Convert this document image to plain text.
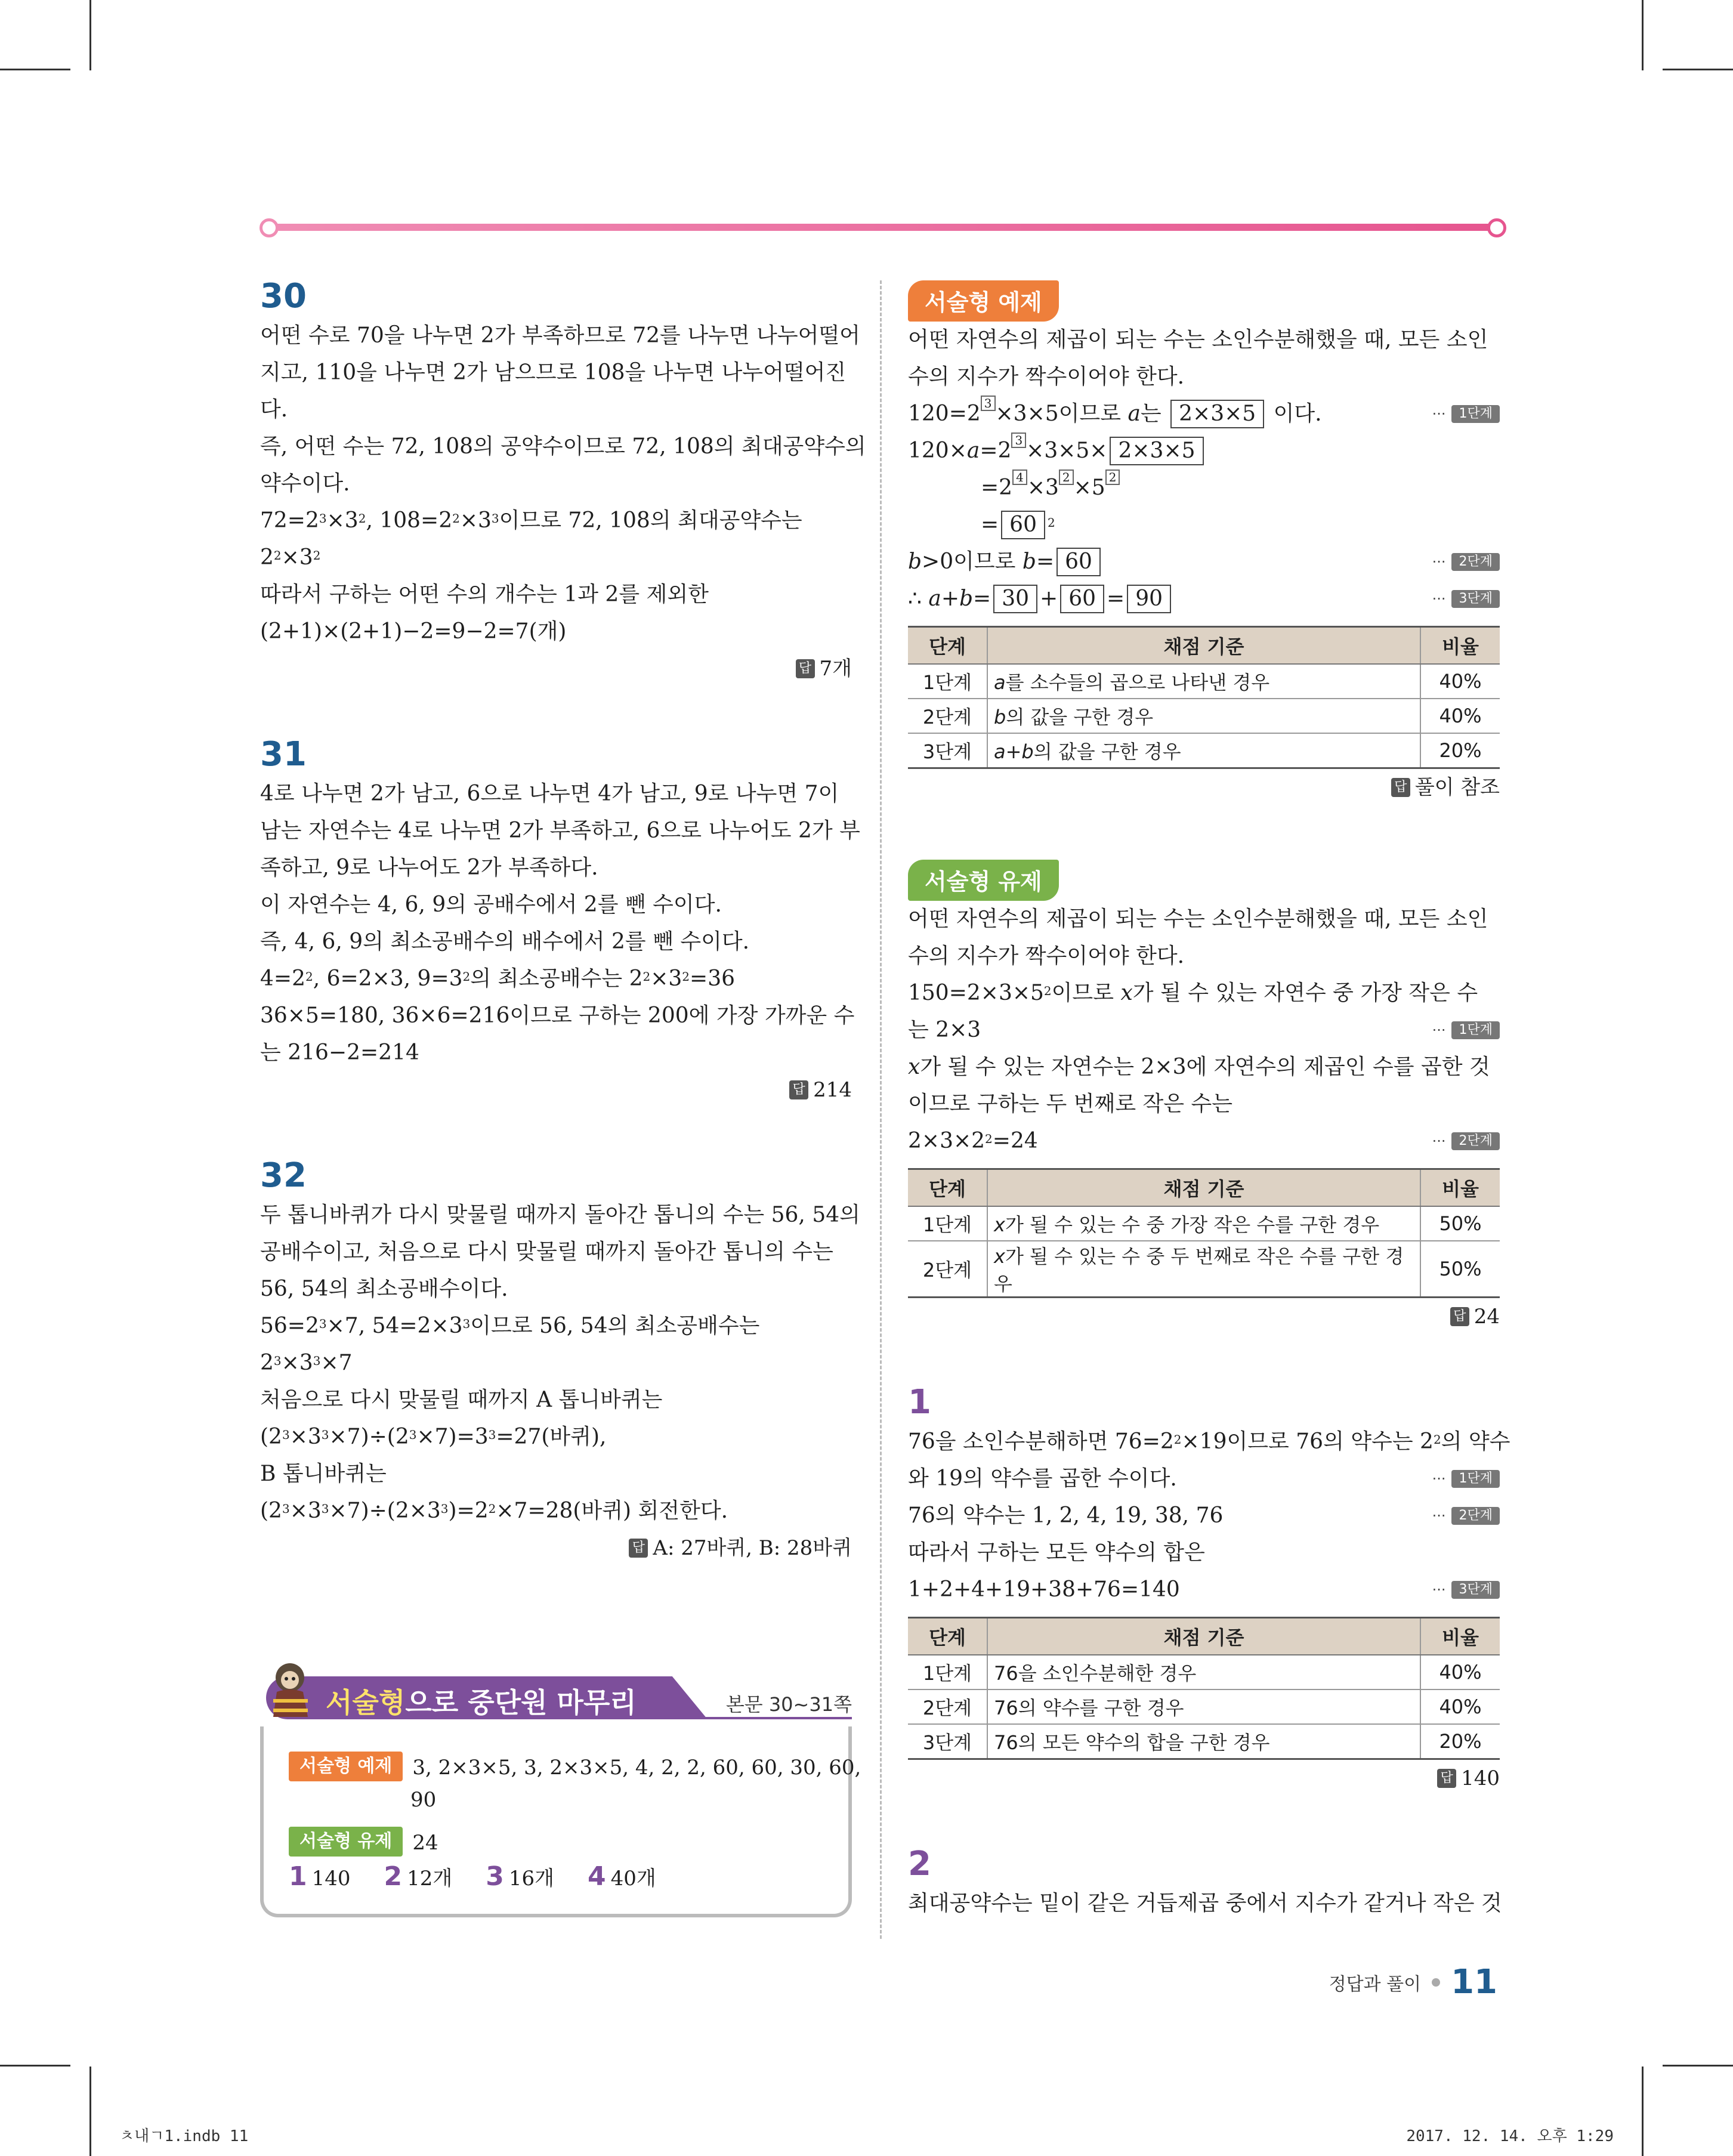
30
어떤 수로 70을 나누면 2가 부족하므로 72를 나누면 나누어떨어
지고, 110을 나누면 2가 남으므로 108을 나누면 나누어떨어진
다.
즉, 어떤 수는 72, 108의 공약수이므로 72, 108의 최대공약수의
약수이다.
$72=2^3\times 3^2$, $108=2^2\times 3^3$이므로 72, 108의 최대공약수는
$2^2\times 3^2$
따라서 구하는 어떤 수의 개수는 1과 2를 제외한
(2+1)×(2+1)−2=9−2=7(개)
답 7개
31
4로 나누면 2가 남고, 6으로 나누면 4가 남고, 9로 나누면 7이
남는 자연수는 4로 나누면 2가 부족하고, 6으로 나누어도 2가 부
족하고, 9로 나누어도 2가 부족하다.
이 자연수는 4, 6, 9의 공배수에서 2를 뺀 수이다.
즉, 4, 6, 9의 최소공배수의 배수에서 2를 뺀 수이다.
$4=2^2$, 6=2×3, $9=3^2$의 최소공배수는 $2^2\times 3^2=36$
36×5=180, 36×6=216이므로 구하는 200에 가장 가까운 수
는 216−2=214
답 214
32
두 톱니바퀴가 다시 맞물릴 때까지 돌아간 톱니의 수는 56, 54의
공배수이고, 처음으로 다시 맞물릴 때까지 돌아간 톱니의 수는
56, 54의 최소공배수이다.
$56=2^3\times 7$, $54=2\times 3^3$이므로 56, 54의 최소공배수는
$2^3\times 3^3\times 7$
처음으로 다시 맞물릴 때까지 A 톱니바퀴는
$(2^3\times 3^3\times 7)\div(2^3\times 7)=3^3=27$(바퀴),
B 톱니바퀴는
$(2^3\times 3^3\times 7)\div(2\times 3^3)=2^2\times 7=28$(바퀴) 회전한다.
답 A: 27바퀴, B: 28바퀴
서술형으로 중단원 마무리	본문 30~31쪽
서술형 예제	3, 2×3×5, 3, 2×3×5, 4, 2, 2, 60, 60, 30, 60,
90
서술형 유제	24
1 140 2 12개 3 16개 4 40개
서술형 예제
어떤 자연수의 제곱이 되는 수는 소인수분해했을 때, 모든 소인
수의 지수가 짝수이어야 한다.
120=2 3 ×3×5이므로 a는 2×3×5 이다.	···	1단계
120×a=2 3 ×3×5× 2×3×5
=2 4 ×3 2 ×5 2
= 60 $^2$
b>0이므로 b= 60	···	2단계
∴ a+b= 30 + 60 = 90	···	3단계
단계	채점 기준	비율
1단계	a를 소수들의 곱으로 나타낸 경우	40%
2단계	b의 값을 구한 경우	40%
3단계	a+b의 값을 구한 경우	20%
답 풀이 참조
서술형 유제
어떤 자연수의 제곱이 되는 수는 소인수분해했을 때, 모든 소인
수의 지수가 짝수이어야 한다.
$150=2\times 3\times 5^2$이므로 x가 될 수 있는 자연수 중 가장 작은 수
는 2×3	···	1단계
x가 될 수 있는 자연수는 2×3에 자연수의 제곱인 수를 곱한 것
이므로 구하는 두 번째로 작은 수는
$2\times 3\times 2^2=24$	···	2단계
단계	채점 기준	비율
1단계	x가 될 수 있는 수 중 가장 작은 수를 구한 경우	50%
2단계	x가 될 수 있는 수 중 두 번째로 작은 수를 구한 경우	50%
답 24
1
76을 소인수분해하면 $76=2^2\times 19$이므로 76의 약수는 $2^2$의 약수
와 19의 약수를 곱한 수이다.	···	1단계
76의 약수는 1, 2, 4, 19, 38, 76	···	2단계
따라서 구하는 모든 약수의 합은
1+2+4+19+38+76=140	···	3단계
단계	채점 기준	비율
1단계	76을 소인수분해한 경우	40%
2단계	76의 약수를 구한 경우	40%
3단계	76의 모든 약수의 합을 구한 경우	20%
답 140
2
최대공약수는 밑이 같은 거듭제곱 중에서 지수가 같거나 작은 것
정답과 풀이 11
ㅊ내ㄱ1.indb 11	2017. 12. 14. 오후 1:29
